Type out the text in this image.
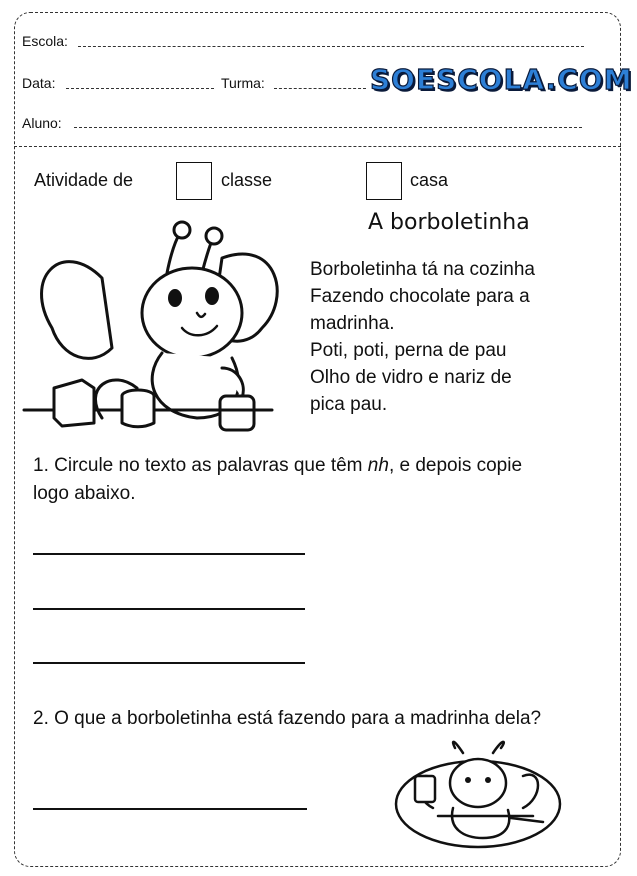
Escola:
Data:	Turma:	SOESCOLA.COM
Aluno:
Atividade de	classe	casa
A borboletinha
Borboletinha tá na cozinha
Fazendo chocolate para a
madrinha.
Poti, poti, perna de pau
Olho de vidro e nariz de
pica pau.
1. Circule no texto as palavras que têm nh, e depois copie logo abaixo.
2. O que a borboletinha está fazendo para a madrinha dela?
